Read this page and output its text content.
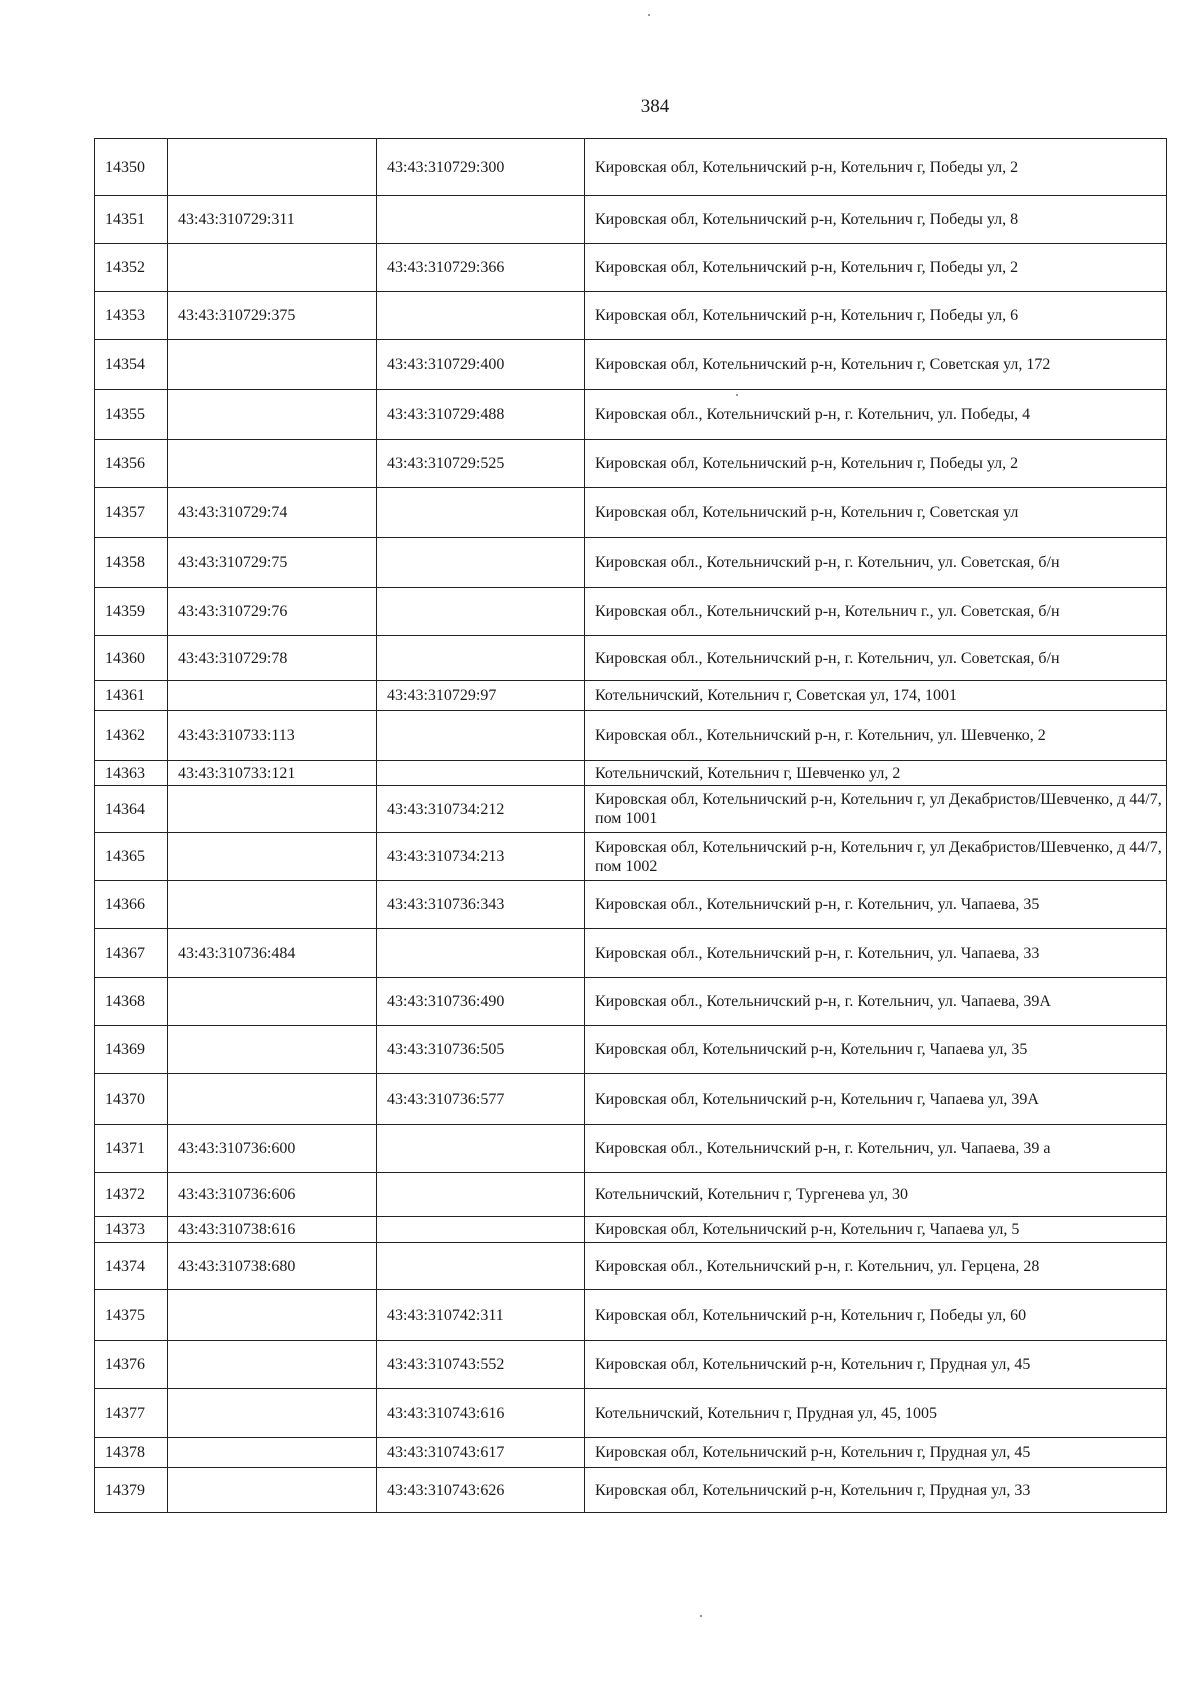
384
14350		43:43:310729:300	Кировская обл, Котельничский р-н, Котельнич г, Победы ул, 2
14351	43:43:310729:311		Кировская обл, Котельничский р-н, Котельнич г, Победы ул, 8
14352		43:43:310729:366	Кировская обл, Котельничский р-н, Котельнич г, Победы ул, 2
14353	43:43:310729:375		Кировская обл, Котельничский р-н, Котельнич г, Победы ул, 6
14354		43:43:310729:400	Кировская обл, Котельничский р-н, Котельнич г, Советская ул, 172
14355		43:43:310729:488	Кировская обл., Котельничский р-н, г. Котельнич, ул. Победы, 4
14356		43:43:310729:525	Кировская обл, Котельничский р-н, Котельнич г, Победы ул, 2
14357	43:43:310729:74		Кировская обл, Котельничский р-н, Котельнич г, Советская ул
14358	43:43:310729:75		Кировская обл., Котельничский р-н, г. Котельнич, ул. Советская, б/н
14359	43:43:310729:76		Кировская обл., Котельничский р-н, Котельнич г., ул. Советская, б/н
14360	43:43:310729:78		Кировская обл., Котельничский р-н, г. Котельнич, ул. Советская, б/н
14361		43:43:310729:97	Котельничский, Котельнич г, Советская ул, 174, 1001
14362	43:43:310733:113		Кировская обл., Котельничский р-н, г. Котельнич, ул. Шевченко, 2
14363	43:43:310733:121		Котельничский, Котельнич г, Шевченко ул, 2
14364		43:43:310734:212	Кировская обл, Котельничский р-н, Котельнич г, ул Декабристов/Шевченко, д 44/7, пом 1001
14365		43:43:310734:213	Кировская обл, Котельничский р-н, Котельнич г, ул Декабристов/Шевченко, д 44/7, пом 1002
14366		43:43:310736:343	Кировская обл., Котельничский р-н, г. Котельнич, ул. Чапаева, 35
14367	43:43:310736:484		Кировская обл., Котельничский р-н, г. Котельнич, ул. Чапаева, 33
14368		43:43:310736:490	Кировская обл., Котельничский р-н, г. Котельнич, ул. Чапаева, 39А
14369		43:43:310736:505	Кировская обл, Котельничский р-н, Котельнич г, Чапаева ул, 35
14370		43:43:310736:577	Кировская обл, Котельничский р-н, Котельнич г, Чапаева ул, 39А
14371	43:43:310736:600		Кировская обл., Котельничский р-н, г. Котельнич, ул. Чапаева, 39 а
14372	43:43:310736:606		Котельничский, Котельнич г, Тургенева ул, 30
14373	43:43:310738:616		Кировская обл, Котельничский р-н, Котельнич г, Чапаева ул, 5
14374	43:43:310738:680		Кировская обл., Котельничский р-н, г. Котельнич, ул. Герцена, 28
14375		43:43:310742:311	Кировская обл, Котельничский р-н, Котельнич г, Победы ул, 60
14376		43:43:310743:552	Кировская обл, Котельничский р-н, Котельнич г, Прудная ул, 45
14377		43:43:310743:616	Котельничский, Котельнич г, Прудная ул, 45, 1005
14378		43:43:310743:617	Кировская обл, Котельничский р-н, Котельнич г, Прудная ул, 45
14379		43:43:310743:626	Кировская обл, Котельничский р-н, Котельнич г, Прудная ул, 33
